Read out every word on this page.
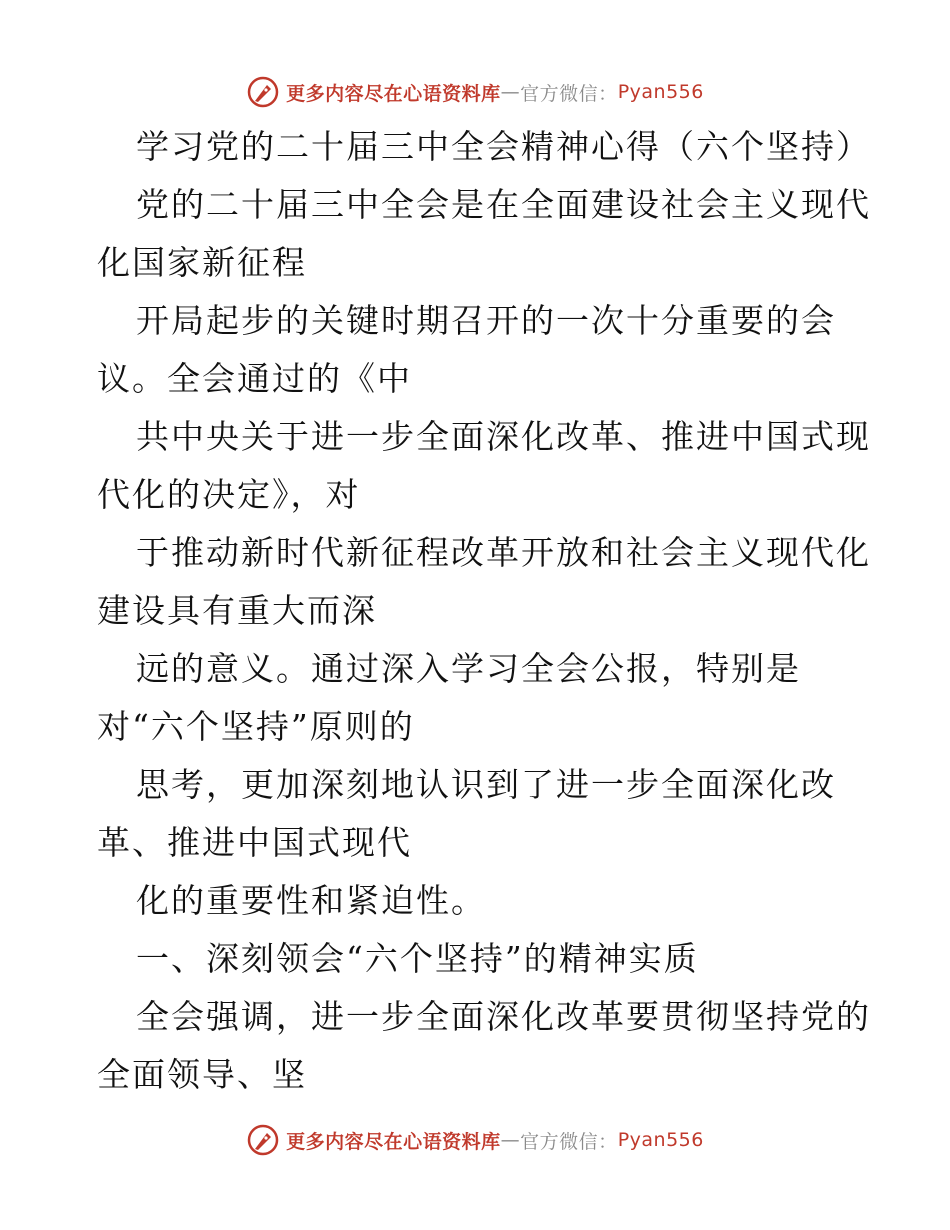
更多内容尽在心语资料库 — 官方微信： Pyan556
学习党的二十届三中全会精神心得（六个坚持）
党的二十届三中全会是在全面建设社会主义现代
化国家新征程
开局起步的关键时期召开的一次十分重要的会
议。全会通过的《中
共中央关于进一步全面深化改革、推进中国式现
代化的决定》，对
于推动新时代新征程改革开放和社会主义现代化
建设具有重大而深
远的意义。通过深入学习全会公报，特别是
对“六个坚持”原则的
思考，更加深刻地认识到了进一步全面深化改
革、推进中国式现代
化的重要性和紧迫性。
一、深刻领会“六个坚持”的精神实质
全会强调，进一步全面深化改革要贯彻坚持党的
全面领导、坚
更多内容尽在心语资料库 — 官方微信： Pyan556
